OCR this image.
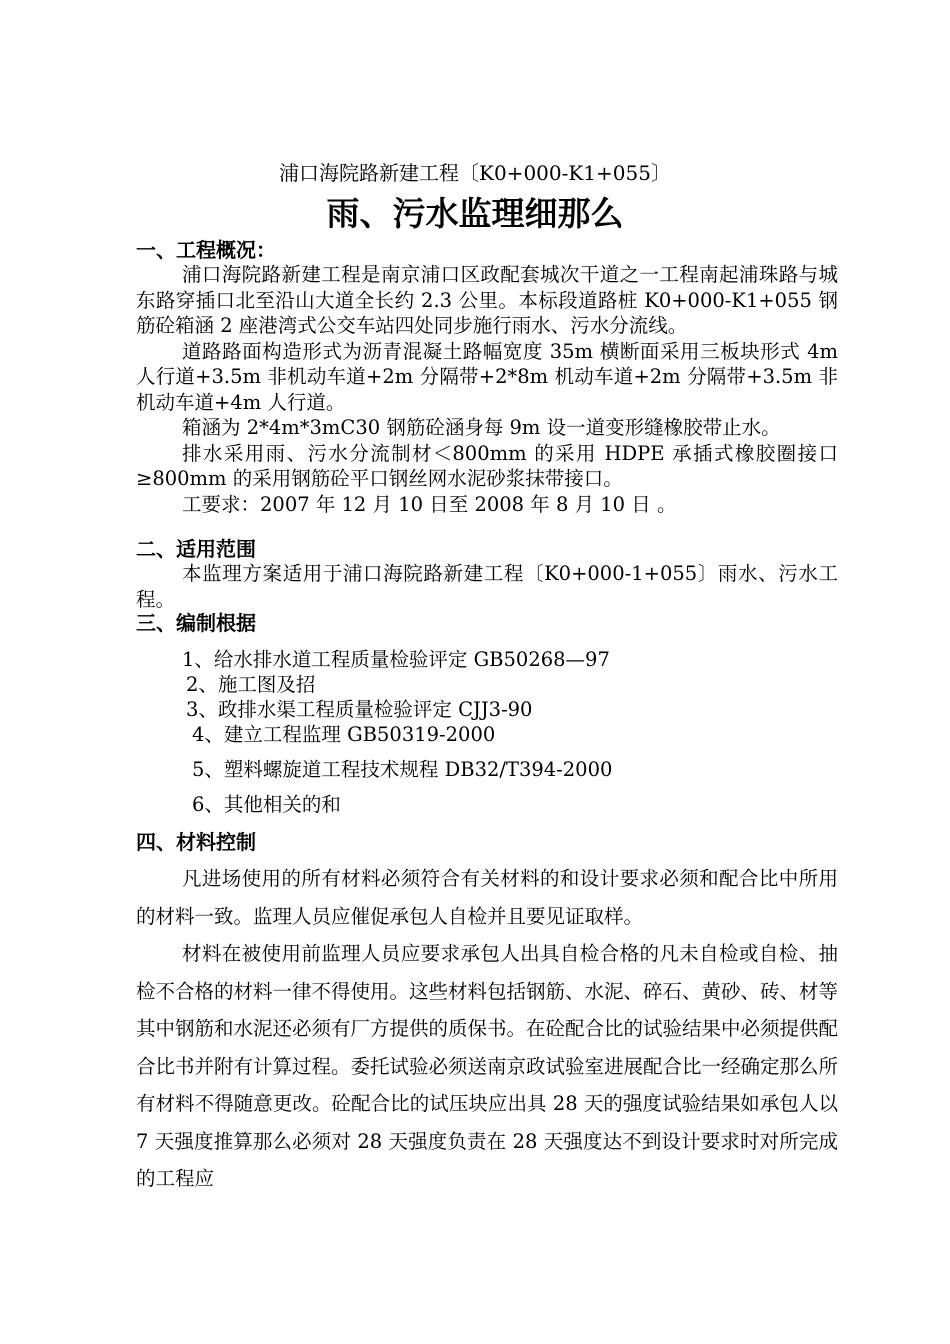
浦口海院路新建工程〔K0+000-K1+055〕
雨、污水监理细那么
一、工程概况：

浦口海院路新建工程是南京浦口区政配套城次干道之一工程南起浦珠路与城东路穿插口北至沿山大道全长约 2.3 公里。本标段道路桩 K0+000-K1+055 钢筋砼箱涵 2 座港湾式公交车站四处同步施行雨水、污水分流线。

道路路面构造形式为沥青混凝土路幅宽度 35m 横断面采用三板块形式 4m 人行道+3.5m 非机动车道+2m 分隔带+2*8m 机动车道+2m 分隔带+3.5m 非机动车道+4m 人行道。

箱涵为 2*4m*3mC30 钢筋砼涵身每 9m 设一道变形缝橡胶带止水。

排水采用雨、污水分流制材＜800mm 的采用 HDPE 承插式橡胶圈接口≥800mm 的采用钢筋砼平口钢丝网水泥砂浆抹带接口。

工要求：2007 年 12 月 10 日至 2008 年 8 月 10 日 。

二、适用范围

本监理方案适用于浦口海院路新建工程〔K0+000-1+055〕雨水、污水工程。

三、编制根据
1、给水排水道工程质量检验评定 GB50268—97
2、施工图及招
3、政排水渠工程质量检验评定 CJJ3-90
4、建立工程监理 GB50319-2000
5、塑料螺旋道工程技术规程 DB32/T394-2000
6、其他相关的和
四、材料控制

凡进场使用的所有材料必须符合有关材料的和设计要求必须和配合比中所用的材料一致。监理人员应催促承包人自检并且要见证取样。

材料在被使用前监理人员应要求承包人出具自检合格的凡未自检或自检、抽检不合格的材料一律不得使用。这些材料包括钢筋、水泥、碎石、黄砂、砖、材等其中钢筋和水泥还必须有厂方提供的质保书。在砼配合比的试验结果中必须提供配合比书并附有计算过程。委托试验必须送南京政试验室进展配合比一经确定那么所有材料不得随意更改。砼配合比的试压块应出具 28 天的强度试验结果如承包人以 7 天强度推算那么必须对 28 天强度负责在 28 天强度达不到设计要求时对所完成的工程应
